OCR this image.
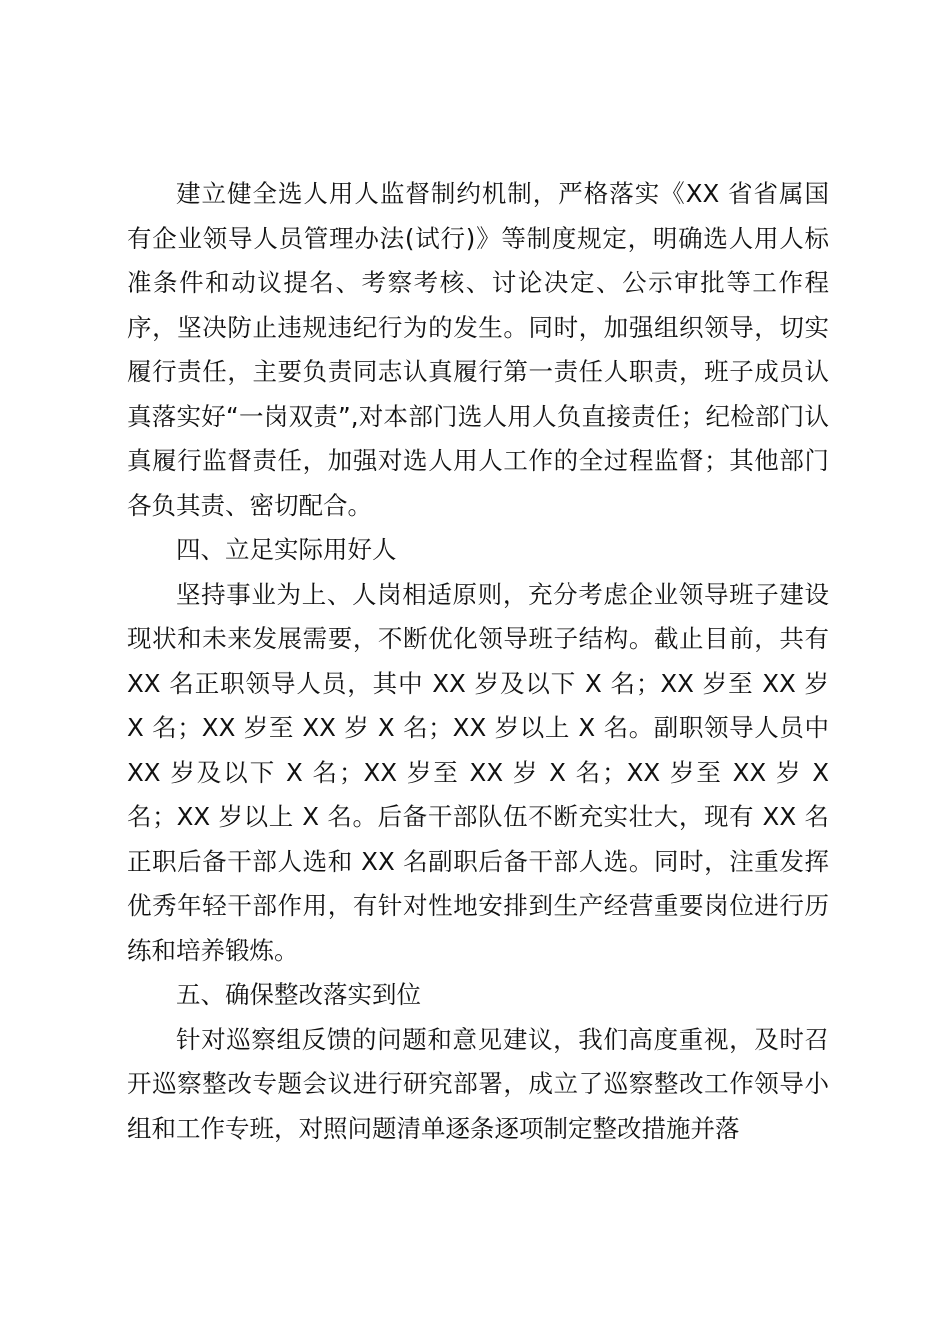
建立健全选人用人监督制约机制，严格落实《XX 省省属国有企业领导人员管理办法(试行)》等制度规定，明确选人用人标准条件和动议提名、考察考核、讨论决定、公示审批等工作程序，坚决防止违规违纪行为的发生。同时，加强组织领导，切实履行责任，主要负责同志认真履行第一责任人职责，班子成员认真落实好“一岗双责”,对本部门选人用人负直接责任；纪检部门认真履行监督责任，加强对选人用人工作的全过程监督；其他部门各负其责、密切配合。

四、立足实际用好人

坚持事业为上、人岗相适原则，充分考虑企业领导班子建设现状和未来发展需要，不断优化领导班子结构。截止目前，共有 XX 名正职领导人员，其中 XX 岁及以下 X 名；XX 岁至 XX 岁 X 名；XX 岁至 XX 岁 X 名；XX 岁以上 X 名。副职领导人员中 XX 岁及以下 X 名；XX 岁至 XX 岁 X 名；XX 岁至 XX 岁 X 名；XX 岁以上 X 名。后备干部队伍不断充实壮大，现有 XX 名正职后备干部人选和 XX 名副职后备干部人选。同时，注重发挥优秀年轻干部作用，有针对性地安排到生产经营重要岗位进行历练和培养锻炼。

五、确保整改落实到位

针对巡察组反馈的问题和意见建议，我们高度重视，及时召开巡察整改专题会议进行研究部署，成立了巡察整改工作领导小组和工作专班，对照问题清单逐条逐项制定整改措施并落
